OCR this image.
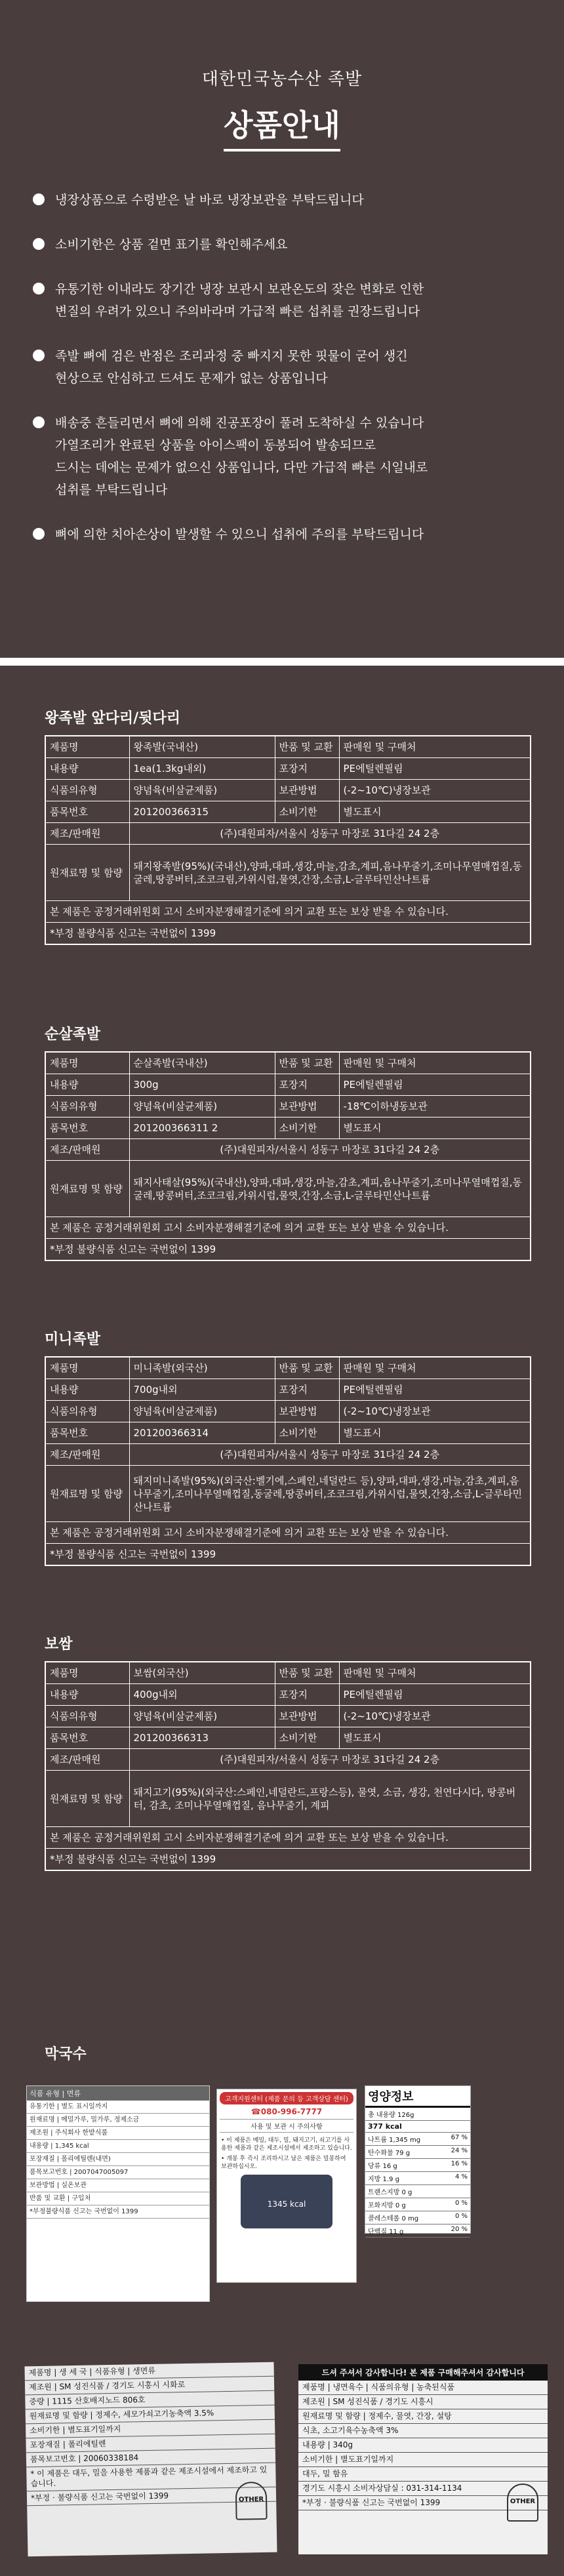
대한민국농수산 족발
상품안내
냉장상품으로 수령받은 날 바로 냉장보관을 부탁드립니다
소비기한은 상품 겉면 표기를 확인해주세요
유통기한 이내라도 장기간 냉장 보관시 보관온도의 잦은 변화로 인한
변질의 우려가 있으니 주의바라며 가급적 빠른 섭취를 권장드립니다
족발 뼈에 검은 반점은 조리과정 중 빠지지 못한 핏물이 굳어 생긴
현상으로 안심하고 드셔도 문제가 없는 상품입니다
배송중 흔들리면서 뼈에 의해 진공포장이 풀려 도착하실 수 있습니다
가열조리가 완료된 상품을 아이스팩이 동봉되어 발송되므로
드시는 데에는 문제가 없으신 상품입니다, 다만 가급적 빠른 시일내로
섭취를 부탁드립니다
뼈에 의한 치아손상이 발생할 수 있으니 섭취에 주의를 부탁드립니다
왕족발 앞다리/뒷다리
제품명	왕족발(국내산)	반품 및 교환	판매원 및 구매처
내용량	1ea(1.3kg내외)	포장지	PE에틸렌필림
식품의유형	양념육(비살균제품)	보관방법	(-2~10℃)냉장보관
품목번호	201200366315	소비기한	별도표시
제조/판매원	(주)대원피자/서울시 성동구 마장로 31다길 24 2층		
원재료명 및 함량	돼지왕족발(95%)(국내산),양파,대파,생강,마늘,감초,계피,음나무줄기,조미나무열매껍질,동굴레,땅콩버터,조코크림,카위시럽,물엿,간장,소금,L-글루타민산나트륨		
본 제품은 공정거래위원회 고시 소비자분쟁해결기준에 의거 교환 또는 보상 받을 수 있습니다.			
*부정 불량식품 신고는 국번없이 1399			
순살족발
제품명	순살족발(국내산)	반품 및 교환	판매원 및 구매처
내용량	300g	포장지	PE에틸렌필림
식품의유형	양념육(비살균제품)	보관방법	-18℃이하냉동보관
품목번호	201200366311 2	소비기한	별도표시
제조/판매원	(주)대원피자/서울시 성동구 마장로 31다길 24 2층		
원재료명 및 함량	돼지사태살(95%)(국내산),양파,대파,생강,마늘,감초,계피,음나무줄기,조미나무열매껍질,동굴레,땅콩버터,조코크림,카위시럽,물엿,간장,소금,L-글루타민산나트륨		
본 제품은 공정거래위원회 고시 소비자분쟁해결기준에 의거 교환 또는 보상 받을 수 있습니다.			
*부정 불량식품 신고는 국번없이 1399			
미니족발
제품명	미니족발(외국산)	반품 및 교환	판매원 및 구매처
내용량	700g내외	포장지	PE에틸렌필림
식품의유형	양념육(비살균제품)	보관방법	(-2~10℃)냉장보관
품목번호	201200366314	소비기한	별도표시
제조/판매원	(주)대원피자/서울시 성동구 마장로 31다길 24 2층		
원재료명 및 함량	돼지미니족발(95%)(외국산:벨기에,스페인,네덜란드 등),양파,대파,생강,마늘,감초,계피,음나무줄기,조미나무열매껍질,동굴레,땅콩버터,조코크림,카위시럽,물엿,간장,소금,L-글루타민산나트륨		
본 제품은 공정거래위원회 고시 소비자분쟁해결기준에 의거 교환 또는 보상 받을 수 있습니다.			
*부정 불량식품 신고는 국번없이 1399			
보쌈
제품명	보쌈(외국산)	반품 및 교환	판매원 및 구매처
내용량	400g내외	포장지	PE에틸렌필림
식품의유형	양념육(비살균제품)	보관방법	(-2~10℃)냉장보관
품목번호	201200366313	소비기한	별도표시
제조/판매원	(주)대원피자/서울시 성동구 마장로 31다길 24 2층		
원재료명 및 함량	돼지고기(95%)(외국산:스페인,네덜란드,프랑스등), 물엿, 소금, 생강, 천연다시다, 땅콩버터, 감초, 조미나무열매껍질, 음나무줄기, 계피		
본 제품은 공정거래위원회 고시 소비자분쟁해결기준에 의거 교환 또는 보상 받을 수 있습니다.			
*부정 불량식품 신고는 국번없이 1399			
막국수
식품 유형 | 면류
유통기한 | 별도 표시일까지
원재료명 | 메밀가루, 밀가루, 정제소금
제조원 | 주식회사 한밭식품
내용량 | 1,345 kcal
포장재질 | 폴리에틸렌(내면)
품목보고번호 | 2007047005097
보관방법 | 실온보관
반품 및 교환 | 구입처
*부정불량식품 신고는 국번없이 1399
고객지원센터 (제품 문의 등 고객상담 센터)
☎080-996-7777
사용 및 보관 시 주의사항
• 이 제품은 메밀, 대두, 밀, 돼지고기, 쇠고기를 사용한 제품과 같은 제조시설에서 제조하고 있습니다.
• 개봉 후 즉시 조리하시고 남은 제품은 밀봉하여 보관하십시오.
1345 kcal
영양정보
총 내용량 126g
377 kcal
나트륨 1,345 mg	67 %
탄수화물 79 g	24 %
당류 16 g	16 %
지방 1.9 g	4 %
트랜스지방 0 g
포화지방 0 g	0 %
콜레스테롤 0 mg	0 %
단백질 11 g	20 %
제품명 | 생 세 국 | 식품유형 | 생면류
제조원 | SM 성진식품 / 경기도 시흥시 시화로
중량 | 1115 산호배지노드 806호
원재료명 및 함량 | 정제수, 세모가쇠고기농축액 3.5%
소비기한 | 별도표기일까지
포장재질 | 폴리에틸렌
품목보고번호 | 20060338184
* 이 제품은 대두, 밀을 사용한 제품과 같은 제조시설에서 제조하고 있습니다.
*부정 · 불량식품 신고는 국번없이 1399	OTHER
드셔 주셔서 감사합니다! 본 제품 구매해주셔서 감사합니다
제품명 | 냉면육수 | 식품의유형 | 농축된식품
제조원 | SM 성진식품 / 경기도 시흥시
원재료명 및 함량 | 정제수, 물엿, 간장, 설탕
식초, 소고기육수농축액 3%
내용량 | 340g
소비기한 | 별도표기일까지
대두, 밀 함유
경기도 시흥시 소비자상담실 : 031-314-1134
*부정 · 불량식품 신고는 국번없이 1399	OTHER
